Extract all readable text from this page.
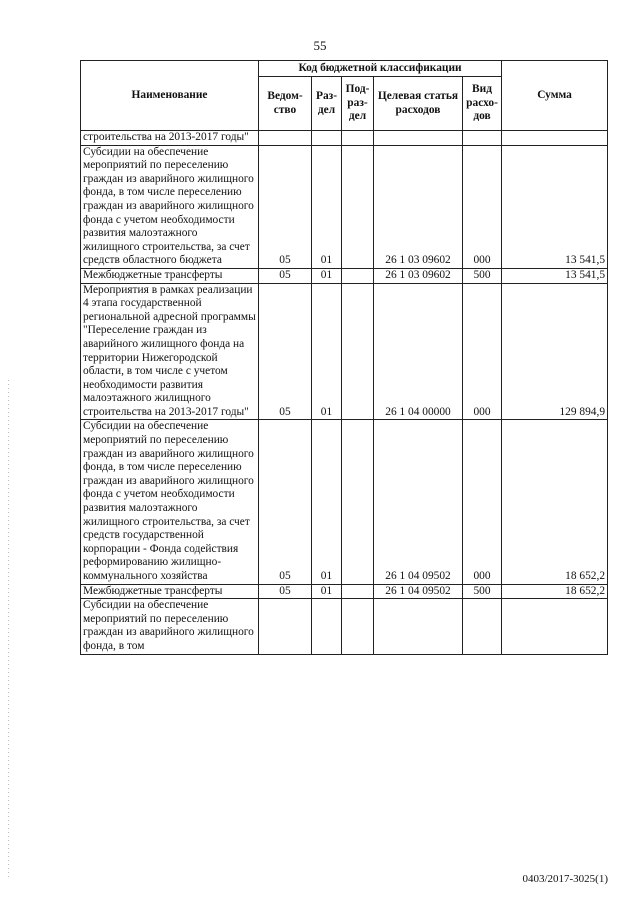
55
Наименование	Код бюджетной классификации					Сумма
	Ведом-ство	Раз-дел	Под-раз-дел	Целевая статья расходов	Вид расхо-дов	
строительства на 2013-2017 годы"						
Субсидии на обеспечение мероприятий по переселению граждан из аварийного жилищного фонда, в том числе переселению граждан из аварийного жилищного фонда с учетом необходимости развития малоэтажного жилищного строительства, за счет средств областного бюджета	05	01		26 1 03 09602	000	13 541,5
Межбюджетные трансферты	05	01		26 1 03 09602	500	13 541,5
Мероприятия в рамках реализации 4 этапа государственной региональной адресной программы "Переселение граждан из аварийного жилищного фонда на территории Нижегородской области, в том числе с учетом необходимости развития малоэтажного жилищного строительства на 2013-2017 годы"	05	01		26 1 04 00000	000	129 894,9
Субсидии на обеспечение мероприятий по переселению граждан из аварийного жилищного фонда, в том числе переселению граждан из аварийного жилищного фонда с учетом необходимости развития малоэтажного жилищного строительства, за счет средств государственной корпорации - Фонда содействия реформированию жилищно-коммунального хозяйства	05	01		26 1 04 09502	000	18 652,2
Межбюджетные трансферты	05	01		26 1 04 09502	500	18 652,2
Субсидии на обеспечение мероприятий по переселению граждан из аварийного жилищного фонда, в том						
0403/2017-3025(1)
